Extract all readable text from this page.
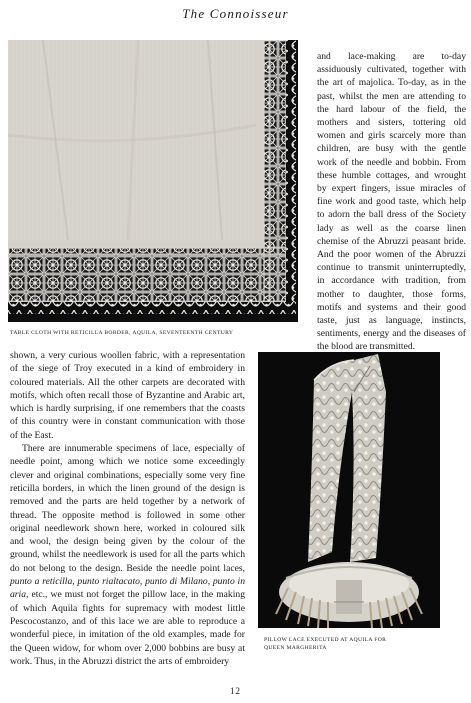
The Connoisseur
TABLE CLOTH WITH RETICILLA BORDER, AQUILA, SEVENTEENTH CENTURY

and lace-making are to-day assiduously cultivated, together with the art of majolica. To-day, as in the past, whilst the men are attending to the hard labour of the field, the mothers and sisters, tottering old women and girls scarcely more than children, are busy with the gentle work of the needle and bobbin. From these humble cottages, and wrought by expert fingers, issue miracles of fine work and good taste, which help to adorn the ball dress of the Society lady as well as the coarse linen chemise of the Abruzzi peasant bride. And the poor women of the Abruzzi continue to transmit uninterruptedly, in accordance with tradition, from mother to daughter, those forms, motifs and systems and their good taste, just as language, instincts, sentiments, energy and the diseases of the blood are transmitted.

shown, a very curious woollen fabric, with a representation of the siege of Troy executed in a kind of embroidery in coloured materials. All the other carpets are decorated with motifs, which often recall those of Byzantine and Arabic art, which is hardly surprising, if one remembers that the coasts of this country were in constant communication with those of the East.

There are innumerable specimens of lace, especially of needle point, among which we notice some exceedingly clever and original combinations, especially some very fine reticilla borders, in which the linen ground of the design is removed and the parts are held together by a network of thread. The opposite method is followed in some other original needlework shown here, worked in coloured silk and wool, the design being given by the colour of the ground, whilst the needlework is used for all the parts which do not belong to the design. Beside the needle point laces, punto a reticilla, punto rialtacato, punto di Milano, punto in aria, etc., we must not forget the pillow lace, in the making of which Aquila fights for supremacy with modest little Pescocostanzo, and of this lace we are able to reproduce a wonderful piece, in imitation of the old examples, made for the Queen widow, for whom over 2,000 bobbins are busy at work. Thus, in the Abruzzi district the arts of embroidery

PILLOW LACE EXECUTED AT AQUILA FOR
QUEEN MARGHERITA
12
